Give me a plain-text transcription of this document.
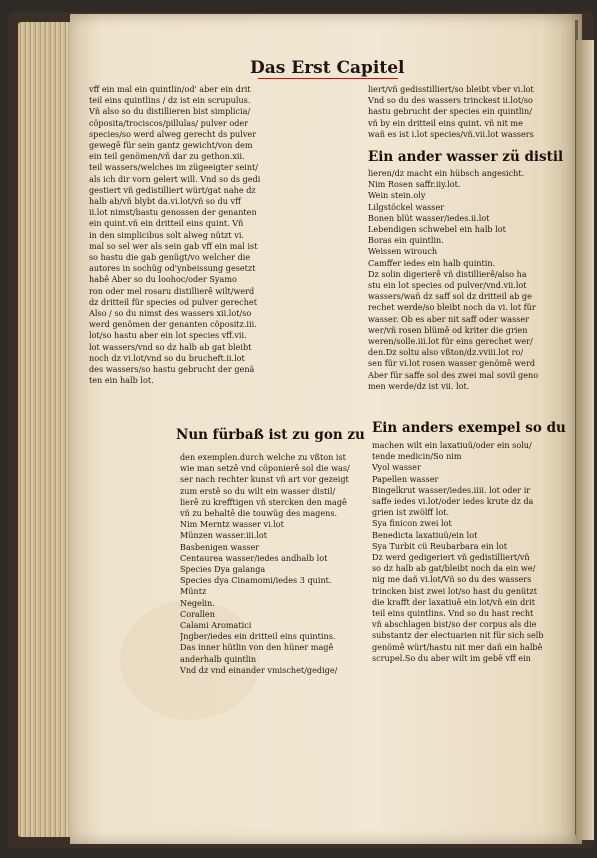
Das Erst Capitel
vff ein mal ein quintlin/od' aber ein drit
teil eins quintlins / dz ist ein scrupulus.
Vñ also so du distillieren bist simplicia/
cöposita/trociscos/pillulas/ pulver oder
species/so werd alweg gerecht ds pulver
gewegê für sein gantz gewicht/von dem
ein teil genömen/vñ dar zu gethon.xii.
teil wassers/welches im zügeeigter seint/
als ich dir vorn gelert will. Vnd so ds gedi
gestiert vñ gedistilliert würt/gat nahe dz
halb ab/vñ blybt da.vi.lot/vñ so du vff
ii.lot nimst/bastu genossen der genanten
ein quint.vñ ein dritteil eins quint. Vñ
in den simplicibus solt alweg nützt vi.
mal so sel wer als sein gab vff ein mal ist
so hastu die gab genügt/vo welcher die
autores in sochüg od'ynbeissung gesetzt
habê Aber so du loohoc/oder Syamo
ron oder mel rosaru distillierê wilt/werd
dz dritteil für species od pulver gerechet
Also / so du nimst des wassers xii.lot/so
werd genömen der genanten cöpositz.iii.
lot/so hastu aber ein lot species vff.vii.
lot wassers/vnd so dz halb ab gat bleibt
noch dz vi.lot/vnd so du brucheft.ii.lot
des wassers/so hastu gebrucht der genä
ten ein halb lot.
liert/vñ gedisstilliert/so bleibt vber vi.lot
Vnd so du des wassers trinckest ii.lot/so
hastu gebrucht der species ein quintlin/
vñ by ein dritteil eins quint. vñ nit me
wañ es ist i.lot species/vñ.vii.lot wassers
Ein ander wasser zü distil
lieren/dz macht ein hübsch angesicht.
Nim Rosen saffr.iiy.lot.
Wein stein.oly
Lilgstöckel wasser
Bonen blüt wasser/iedes.ii.lot
Lebendigen schwebel ein halb lot
Boras ein quintlin.
Weissen wirouch
Camffer iedes ein halb quintin.
Dz solin digerierê vñ distillierê/also ha
stu ein lot species od pulver/vnd.vii.lot
wassers/wañ dz saff sol dz dritteil ab ge
rechet werde/so bleibt noch da vi. lot für
wasser. Ob es aber nit saff oder wasser
wer/vñ rosen blümê od kriter die grien
weren/solle.iii.lot für eins gerechet wer/
den.Dz soltu also vßton/dz.vviii.lot ro/
sen für vi.lot rosen wasser genömê werd
Aber für saffe sol des zwei mal sovil geno
men werde/dz ist vii. lot.
Nun fürbaß ist zu gon zu
den exemplen.durch welche zu vßton ist
wie man setzê vnd cöponierê sol die was/
ser nach rechter kunst vñ art vor gezeigt
zum erstê so du wilt ein wasser distil/
lierê zu krefftigen vñ stercken den magê
vñ zu behaltê die touwüg des magens.
Nim Merntz wasser vi.lot
Münzen wasser.iii.lot
Basbenigen wasser
Centaurea wasser/iedes andhalb lot
Species Dya galanga
Species dya Cinamomi/iedes 3 quint.
Müntz
Negelin.
Corallen
Calami Aromatici
Jngber/iedes ein dritteil eins quintins.
Das inner hütlin von den hüner magê
anderhalb quintlin
Vnd dz vnd einander vmischet/gedige/
Ein anders exempel so du
machen wilt ein laxatiuü/oder ein solu/
tende medicin/So nim
Vyol wasser
Papellen wasser
Bingelkrut wasser/iedes.iiii. lot oder ir
saffe iedes vi.lot/oder iedes krute dz da
grien ist zwölff lot.
Sya finicon zwei lot
Benedicta laxatiuü/ein lot
Sya Turbit cü Reubarbara ein lot
Dz werd gedigeriert vñ gedistilliert/vñ
so dz halb ab gat/bleibt noch da ein we/
nig me dañ vi.lot/Vñ so du des wassers
trincken bist zwei lot/so hast du genützt
die krafft der laxatiuê ein lot/vñ ein drit
teil eins quintlins. Vnd so du hast recht
vñ abschlagen bist/so der corpus als die
substantz der electuarien nit für sich selb
genömê würt/hastu nit mer dañ ein halbê
scrupel.So du aber wilt im gebê vff ein
